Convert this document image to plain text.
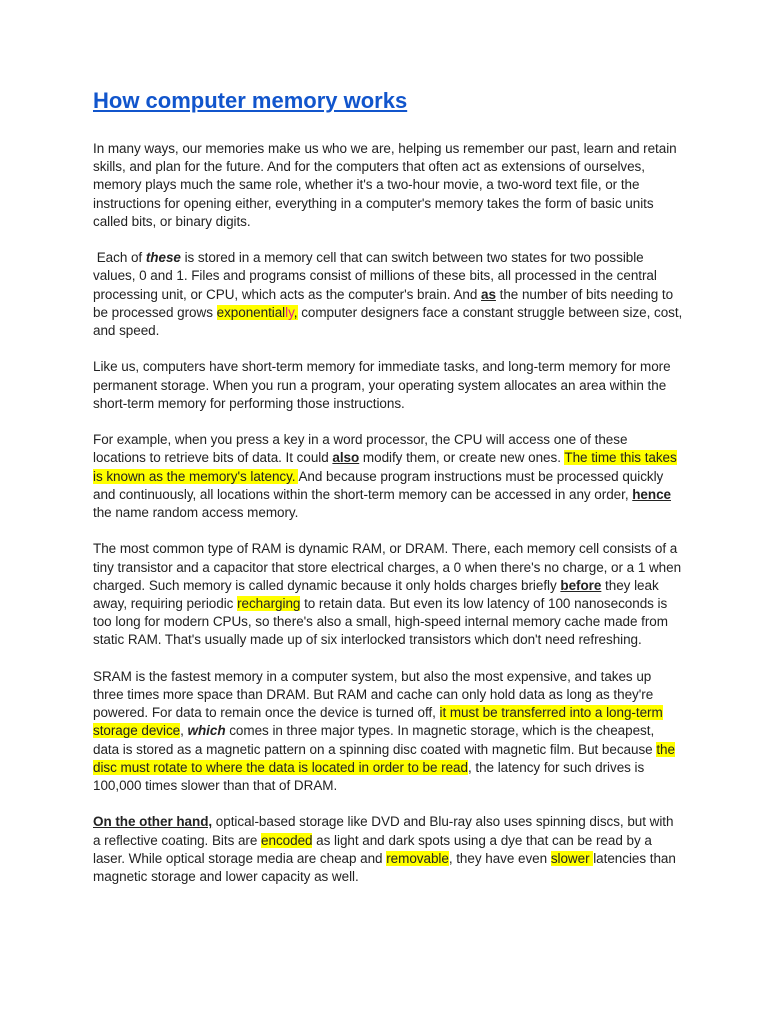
How computer memory works

In many ways, our memories make us who we are, helping us remember our past, learn and retain skills, and plan for the future. And for the computers that often act as extensions of ourselves, memory plays much the same role, whether it's a two-hour movie, a two-word text file, or the instructions for opening either, everything in a computer's memory takes the form of basic units called bits, or binary digits.

Each of these is stored in a memory cell that can switch between two states for two possible values, 0 and 1. Files and programs consist of millions of these bits, all processed in the central processing unit, or CPU, which acts as the computer's brain. And as the number of bits needing to be processed grows exponentially, computer designers face a constant struggle between size, cost, and speed.

Like us, computers have short-term memory for immediate tasks, and long-term memory for more permanent storage. When you run a program, your operating system allocates an area within the short-term memory for performing those instructions.

For example, when you press a key in a word processor, the CPU will access one of these locations to retrieve bits of data. It could also modify them, or create new ones. The time this takes is known as the memory's latency. And because program instructions must be processed quickly and continuously, all locations within the short-term memory can be accessed in any order, hence the name random access memory.

The most common type of RAM is dynamic RAM, or DRAM. There, each memory cell consists of a tiny transistor and a capacitor that store electrical charges, a 0 when there's no charge, or a 1 when charged. Such memory is called dynamic because it only holds charges briefly before they leak away, requiring periodic recharging to retain data. But even its low latency of 100 nanoseconds is too long for modern CPUs, so there's also a small, high-speed internal memory cache made from static RAM. That's usually made up of six interlocked transistors which don't need refreshing.

SRAM is the fastest memory in a computer system, but also the most expensive, and takes up three times more space than DRAM. But RAM and cache can only hold data as long as they're powered. For data to remain once the device is turned off, it must be transferred into a long-term storage device, which comes in three major types. In magnetic storage, which is the cheapest, data is stored as a magnetic pattern on a spinning disc coated with magnetic film. But because the disc must rotate to where the data is located in order to be read, the latency for such drives is 100,000 times slower than that of DRAM.

On the other hand, optical-based storage like DVD and Blu-ray also uses spinning discs, but with a reflective coating. Bits are encoded as light and dark spots using a dye that can be read by a laser. While optical storage media are cheap and removable, they have even slower latencies than magnetic storage and lower capacity as well.
